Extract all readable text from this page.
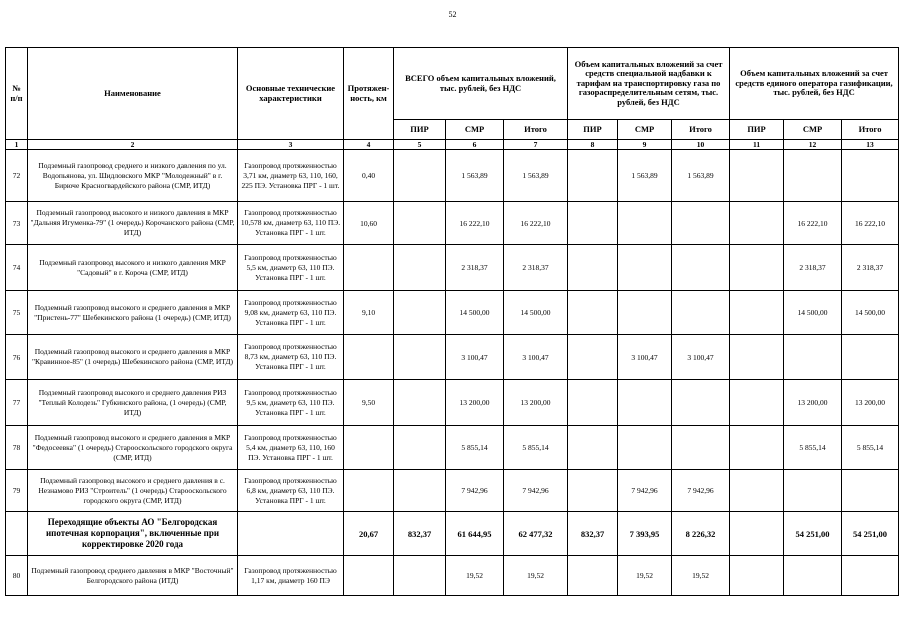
52
№ п/п	Наименование	Основные технические характеристики	Протяжен-ность, км	ВСЕГО объем капитальных вложений, тыс. рублей, без НДС			Объем капитальных вложений за счет средств специальной надбавки к тарифам на транспортировку газа по газораспределительным сетям, тыс. рублей, без НДС			Объем капитальных вложений за счет средств единого оператора газификации, тыс. рублей, без НДС		
				ПИР	СМР	Итого	ПИР	СМР	Итого	ПИР	СМР	Итого
1	2	3	4	5	6	7	8	9	10	11	12	13
72	Подземный газопровод среднего и низкого давления по ул. Водопьянова, ул. Шидловского МКР "Молодежный" в г. Бирюче Красногвардейского района (СМР, ИТД)	Газопровод протяженностью 3,71 км, диаметр 63, 110, 160, 225 ПЭ. Установка ПРГ - 1 шт.	0,40		1 563,89	1 563,89		1 563,89	1 563,89			
73	Подземный газопровод высокого и низкого давления в МКР "Дальняя Игуменка-79" (1 очередь) Корочанского района (СМР, ИТД)	Газопровод протяженностью 10,578 км, диаметр 63, 110 ПЭ. Установка ПРГ - 1 шт.	10,60		16 222,10	16 222,10					16 222,10	16 222,10
74	Подземный газопровод высокого и низкого давления МКР "Садовый" в г. Короча (СМР, ИТД)	Газопровод протяженностью 5,5 км, диаметр 63, 110 ПЭ. Установка ПРГ - 1 шт.			2 318,37	2 318,37					2 318,37	2 318,37
75	Подземный газопровод высокого и среднего давления в МКР "Пристень-77" Шебекинского района (1 очередь) (СМР, ИТД)	Газопровод протяженностью 9,08 км, диаметр 63, 110 ПЭ. Установка ПРГ - 1 шт.	9,10		14 500,00	14 500,00					14 500,00	14 500,00
76	Подземный газопровод высокого и среднего давления в МКР "Кравинное-85" (1 очередь) Шебекинского района (СМР, ИТД)	Газопровод протяженностью 8,73 км, диаметр 63, 110 ПЭ. Установка ПРГ - 1 шт.			3 100,47	3 100,47		3 100,47	3 100,47			
77	Подземный газопровод высокого и среднего давления РИЗ "Теплый Колодезь" Губкинского района, (1 очередь) (СМР, ИТД)	Газопровод протяженностью 9,5 км, диаметр 63, 110 ПЭ. Установка ПРГ - 1 шт.	9,50		13 200,00	13 200,00					13 200,00	13 200,00
78	Подземный газопровод высокого и среднего давления в МКР "Федосеевка" (1 очередь) Старооскольского городского округа (СМР, ИТД)	Газопровод протяженностью 5,4 км, диаметр 63, 110, 160 ПЭ. Установка ПРГ - 1 шт.			5 855,14	5 855,14					5 855,14	5 855,14
79	Подземный газопровод высокого и среднего давления в с. Незнамово РИЗ "Строитель" (1 очередь) Старооскольского городского округа (СМР, ИТД)	Газопровод протяженностью 6,8 км, диаметр 63, 110 ПЭ. Установка ПРГ - 1 шт.			7 942,96	7 942,96		7 942,96	7 942,96			
	Переходящие объекты АО "Белгородская ипотечная корпорация", включенные при корректировке 2020 года		20,67	832,37	61 644,95	62 477,32	832,37	7 393,95	8 226,32		54 251,00	54 251,00
80	Подземный газопровод среднего давления в МКР "Восточный" Белгородского района (ИТД)	Газопровод протяженностью 1,17 км, диаметр 160 ПЭ			19,52	19,52		19,52	19,52			
